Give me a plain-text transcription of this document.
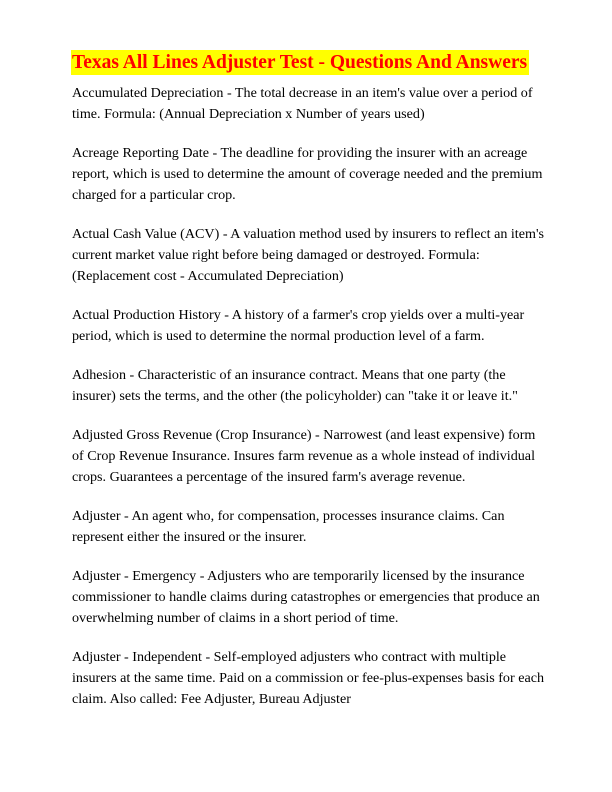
Texas All Lines Adjuster Test - Questions And Answers

Accumulated Depreciation - The total decrease in an item's value over a period of time. Formula: (Annual Depreciation x Number of years used)

Acreage Reporting Date - The deadline for providing the insurer with an acreage report, which is used to determine the amount of coverage needed and the premium charged for a particular crop.

Actual Cash Value (ACV) - A valuation method used by insurers to reflect an item's current market value right before being damaged or destroyed. Formula: (Replacement cost - Accumulated Depreciation)

Actual Production History - A history of a farmer's crop yields over a multi-year period, which is used to determine the normal production level of a farm.

Adhesion - Characteristic of an insurance contract. Means that one party (the insurer) sets the terms, and the other (the policyholder) can "take it or leave it."

Adjusted Gross Revenue (Crop Insurance) - Narrowest (and least expensive) form of Crop Revenue Insurance. Insures farm revenue as a whole instead of individual crops. Guarantees a percentage of the insured farm's average revenue.

Adjuster - An agent who, for compensation, processes insurance claims. Can represent either the insured or the insurer.

Adjuster - Emergency - Adjusters who are temporarily licensed by the insurance commissioner to handle claims during catastrophes or emergencies that produce an overwhelming number of claims in a short period of time.

Adjuster - Independent - Self-employed adjusters who contract with multiple insurers at the same time. Paid on a commission or fee-plus-expenses basis for each claim. Also called: Fee Adjuster, Bureau Adjuster
